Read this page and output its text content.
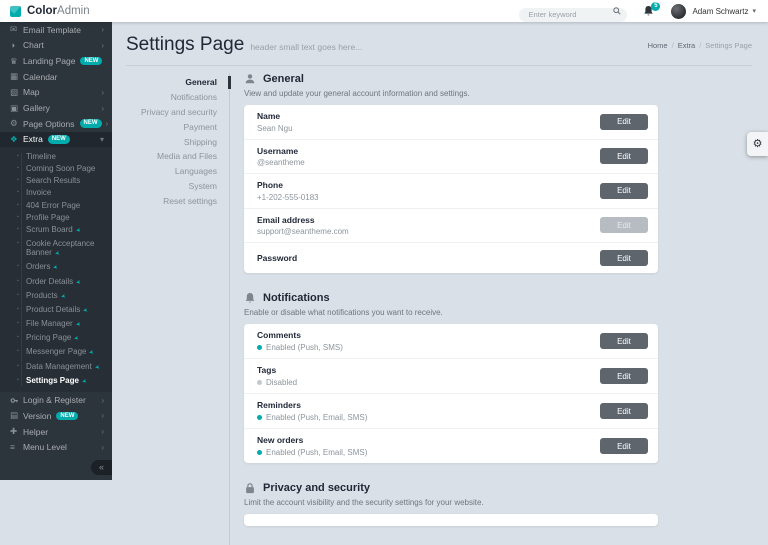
ColorAdmin
Enter keyword	5
Adam Schwartz ▾
✉ Email Template	›
◑ Chart	›
♛ Landing Page	NEW
▦ Calendar
▧ Map	›
▣ Gallery	›
⚙ Page Options	NEW	›
❖ Extra	NEW	▾
▪ Timeline
▪ Coming Soon Page
▪ Search Results
▪ Invoice
▪ 404 Error Page
▪ Profile Page
▪ Scrum Board ➤
▪ Cookie Acceptance Banner ➤
▪ Orders ➤
▪ Order Details ➤
▪ Products ➤
▪ Product Details ➤
▪ File Manager ➤
▪ Pricing Page ➤
▪ Messenger Page ➤
▪ Data Management ➤
▪ Settings Page ➤
Login & Register	›
▤ Version	NEW	›
✚ Helper	›
≡ Menu Level	›
«
Settings Page header small text goes here...	Home / Extra / Settings Page
General
Notifications
Privacy and security
Payment
Shipping
Media and Files
Languages
System
Reset settings
General
View and update your general account information and settings.
Name
Sean Ngu
Edit
Username
@seantheme
Edit
Phone
+1-202-555-0183
Edit
Email address
support@seantheme.com
Edit
Password	Edit
Notifications
Enable or disable what notifications you want to receive.
Comments
Enabled (Push, SMS)
Edit
Tags
Disabled
Edit
Reminders
Enabled (Push, Email, SMS)
Edit
New orders
Enabled (Push, Email, SMS)
Edit
Privacy and security
Limit the account visibility and the security settings for your website.
⚙
